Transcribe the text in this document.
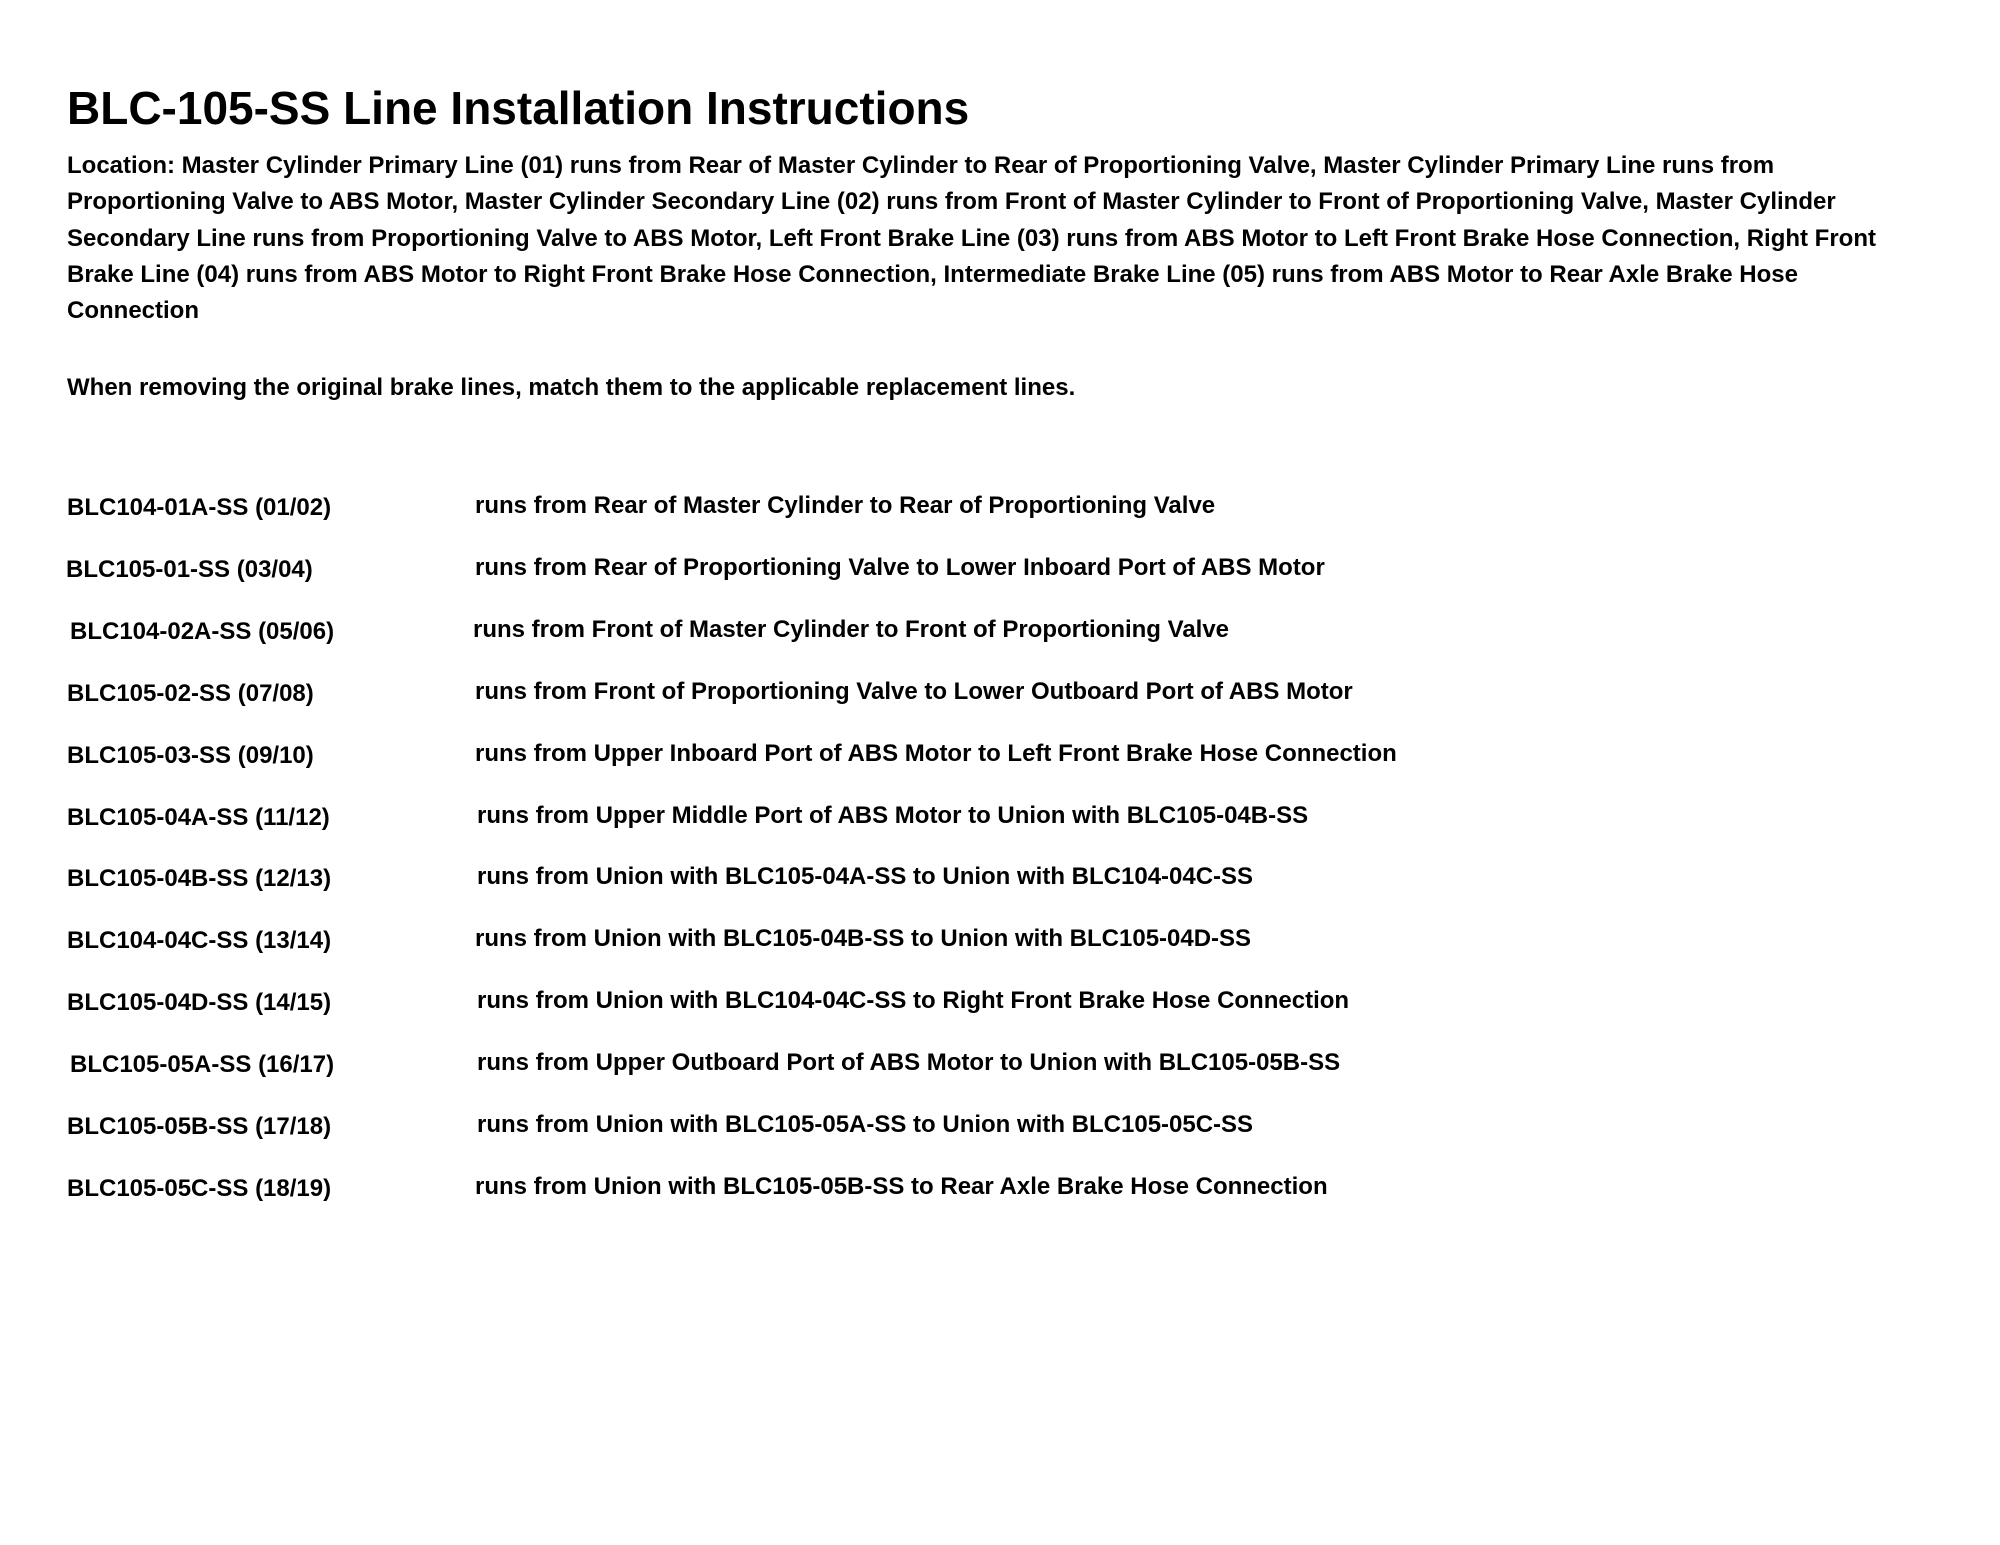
BLC-105-SS Line Installation Instructions

Location: Master Cylinder Primary Line (01) runs from Rear of Master Cylinder to Rear of Proportioning Valve, Master Cylinder Primary Line runs from Proportioning Valve to ABS Motor, Master Cylinder Secondary Line (02) runs from Front of Master Cylinder to Front of Proportioning Valve, Master Cylinder Secondary Line runs from Proportioning Valve to ABS Motor, Left Front Brake Line (03) runs from ABS Motor to Left Front Brake Hose Connection, Right Front Brake Line (04) runs from ABS Motor to Right Front Brake Hose Connection, Intermediate Brake Line (05) runs from ABS Motor to Rear Axle Brake Hose Connection

When removing the original brake lines, match them to the applicable replacement lines.

BLC104-01A-SS (01/02)	runs from Rear of Master Cylinder to Rear of Proportioning Valve
BLC105-01-SS (03/04)	runs from Rear of Proportioning Valve to Lower Inboard Port of ABS Motor
BLC104-02A-SS (05/06)	runs from Front of Master Cylinder to Front of Proportioning Valve
BLC105-02-SS (07/08)	runs from Front of Proportioning Valve to Lower Outboard Port of ABS Motor
BLC105-03-SS (09/10)	runs from Upper Inboard Port of ABS Motor to Left Front Brake Hose Connection
BLC105-04A-SS (11/12)	runs from Upper Middle Port of ABS Motor to Union with BLC105-04B-SS
BLC105-04B-SS (12/13)	runs from Union with BLC105-04A-SS to Union with BLC104-04C-SS
BLC104-04C-SS (13/14)	runs from Union with BLC105-04B-SS to Union with BLC105-04D-SS
BLC105-04D-SS (14/15)	runs from Union with BLC104-04C-SS to Right Front Brake Hose Connection
BLC105-05A-SS (16/17)	runs from Upper Outboard Port of ABS Motor to Union with BLC105-05B-SS
BLC105-05B-SS (17/18)	runs from Union with BLC105-05A-SS to Union with BLC105-05C-SS
BLC105-05C-SS (18/19)	runs from Union with BLC105-05B-SS to Rear Axle Brake Hose Connection
